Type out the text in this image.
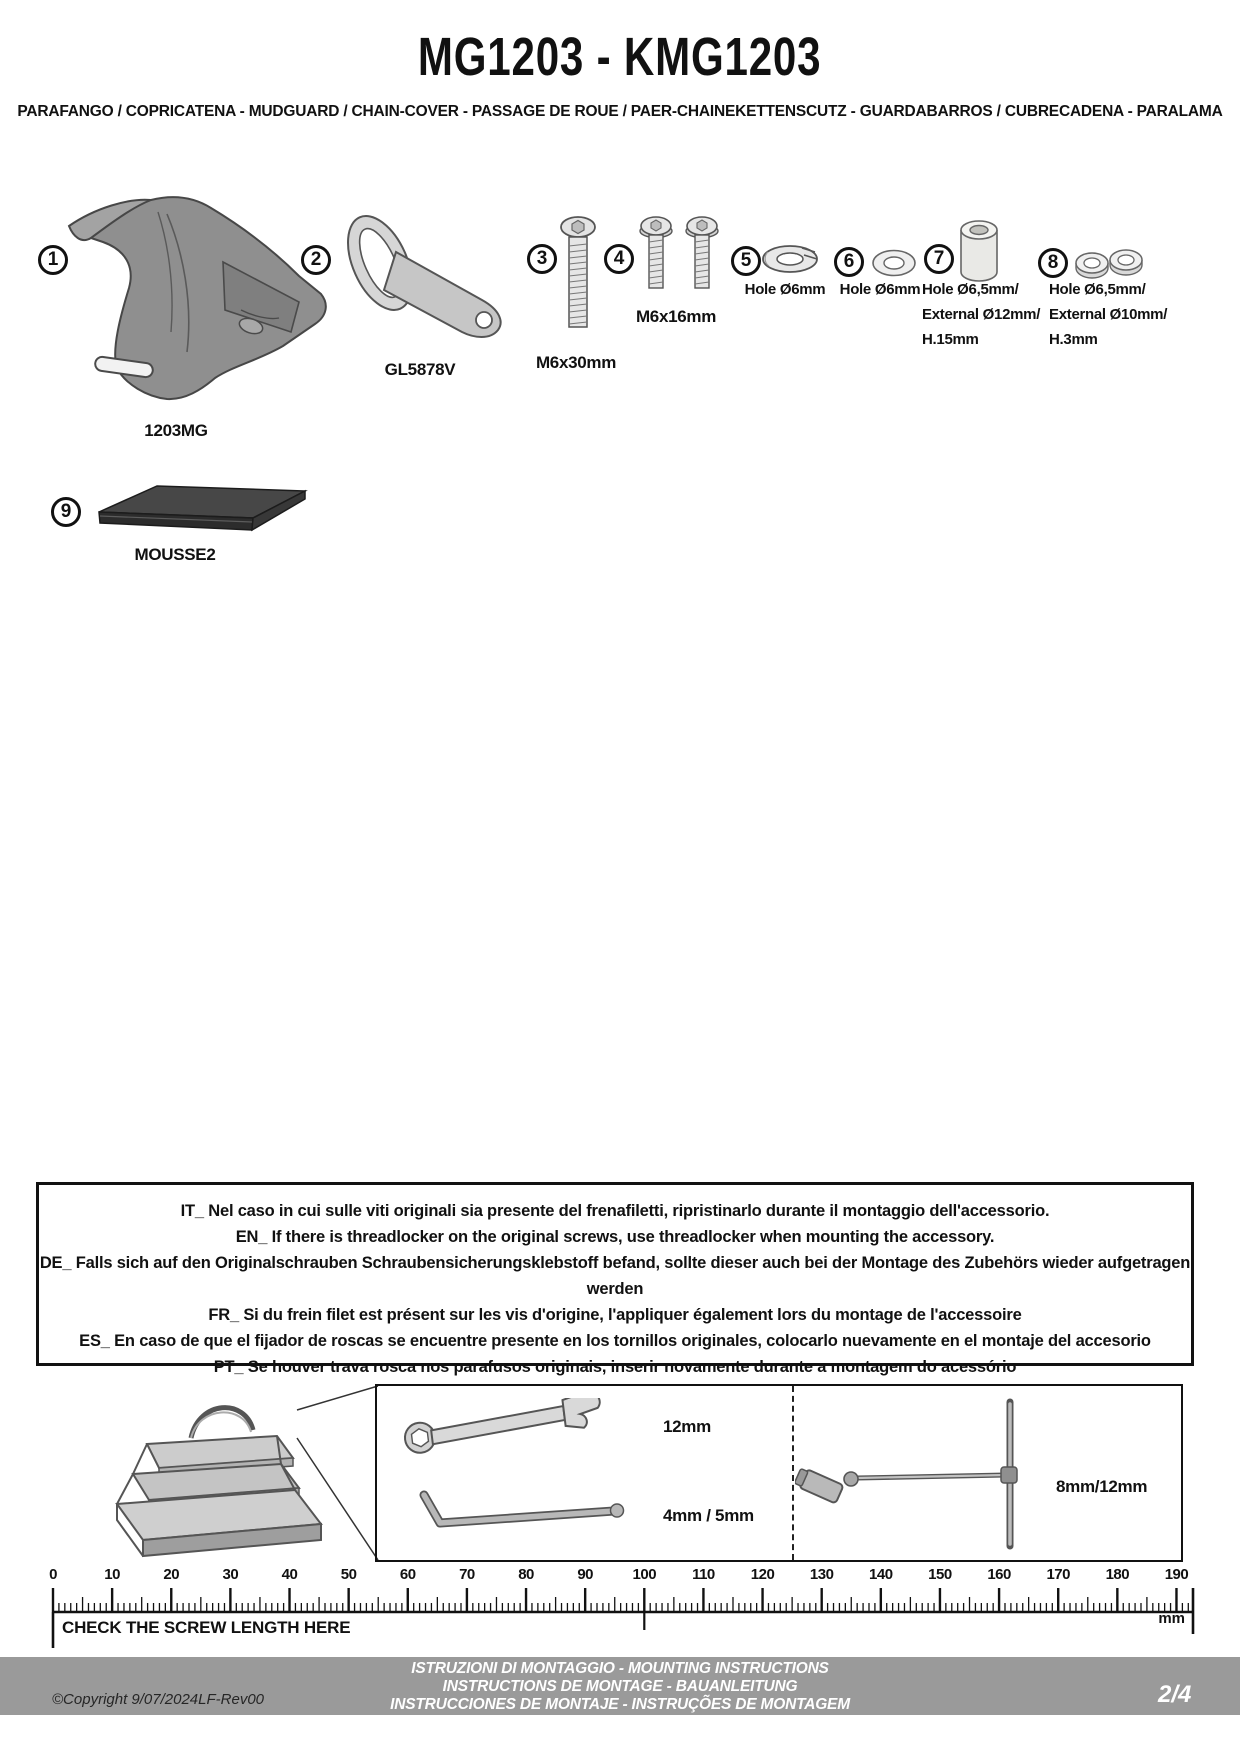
MG1203 - KMG1203
PARAFANGO / COPRICATENA - MUDGUARD / CHAIN-COVER - PASSAGE DE ROUE / PAER-CHAINEKETTENSCUTZ - GUARDABARROS / CUBRECADENA - PARALAMA
1
1203MG
2
GL5878V
3
M6x30mm
4
M6x16mm
5
Hole Ø6mm
6
Hole Ø6mm
7
Hole Ø6,5mm/
External Ø12mm/
H.15mm
8
Hole Ø6,5mm/
External Ø10mm/
H.3mm
9
MOUSSE2

IT_ Nel caso in cui sulle viti originali sia presente del frenafiletti, ripristinarlo durante il montaggio dell'accessorio.

EN_ If there is threadlocker on the original screws, use threadlocker when mounting the accessory.

DE_ Falls sich auf den Originalschrauben Schraubensicherungsklebstoff befand, sollte dieser auch bei der Montage des Zubehörs wieder aufgetragen werden

FR_ Si du frein filet est présent sur les vis d'origine, l'appliquer également lors du montage de l'accessoire

ES_ En caso de que el fijador de roscas se encuentre presente en los tornillos originales, colocarlo nuevamente en el montaje del accesorio

PT_ Se houver trava rosca nos parafusos originais, inserir novamente durante a montagem do acessório

12mm
4mm / 5mm
8mm/12mm
0	10	20	30	40	50	60	70	80	90	100	110	120	130	140	150	160	170	180	190
CHECK THE SCREW LENGTH HERE	mm
ISTRUZIONI DI MONTAGGIO - MOUNTING INSTRUCTIONS
INSTRUCTIONS DE MONTAGE - BAUANLEITUNG
INSTRUCCIONES DE MONTAJE - INSTRUÇÕES DE MONTAGEM
©Copyright 9/07/2024LF-Rev00	2/4
